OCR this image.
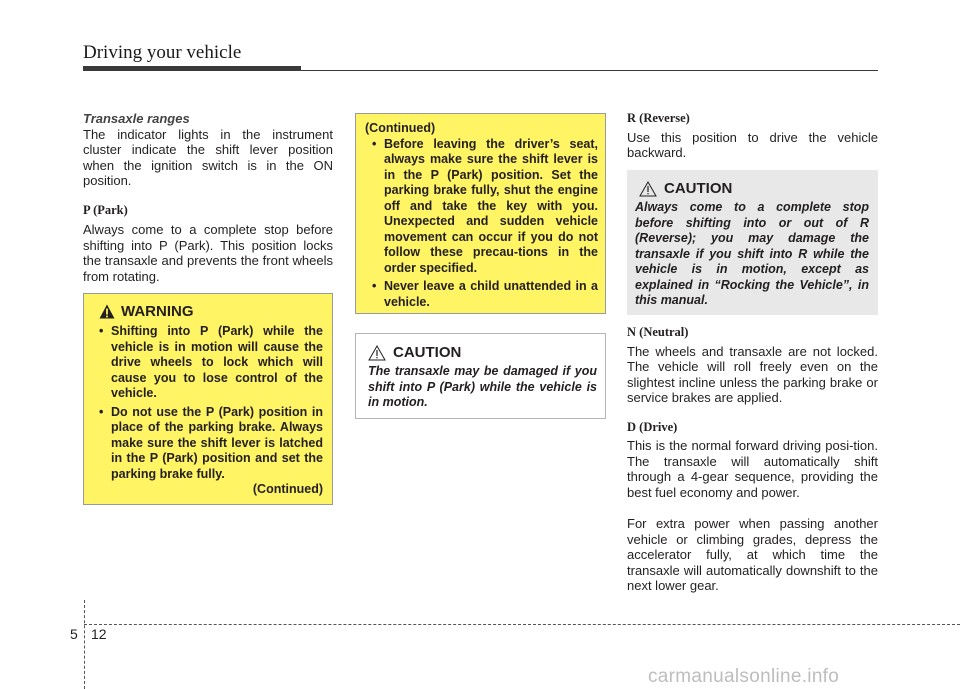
Driving your vehicle

Transaxle ranges

The indicator lights in the instrument cluster indicate the shift lever position when the ignition switch is in the ON position.

P (Park)

Always come to a complete stop before shifting into P (Park). This position locks the transaxle and prevents the front wheels from rotating.

WARNING
• Shifting into P (Park) while the vehicle is in motion will cause the drive wheels to lock which will cause you to lose control of the vehicle.
• Do not use the P (Park) position in place of the parking brake. Always make sure the shift lever is latched in the P (Park) position and set the parking brake fully.
(Continued)
(Continued)
• Before leaving the driver’s seat, always make sure the shift lever is in the P (Park) position. Set the parking brake fully, shut the engine off and take the key with you. Unexpected and sudden vehicle movement can occur if you do not follow these precau-tions in the order specified.
• Never leave a child unattended in a vehicle.
CAUTION
The transaxle may be damaged if you shift into P (Park) while the vehicle is in motion.

R (Reverse)

Use this position to drive the vehicle backward.

CAUTION
Always come to a complete stop before shifting into or out of R (Reverse); you may damage the transaxle if you shift into R while the vehicle is in motion, except as explained in “Rocking the Vehicle”, in this manual.

N (Neutral)

The wheels and transaxle are not locked. The vehicle will roll freely even on the slightest incline unless the parking brake or service brakes are applied.

D (Drive)

This is the normal forward driving posi-tion. The transaxle will automatically shift through a 4-gear sequence, providing the best fuel economy and power.

For extra power when passing another vehicle or climbing grades, depress the accelerator fully, at which time the transaxle will automatically downshift to the next lower gear.

5 12
carmanualsonline.info
